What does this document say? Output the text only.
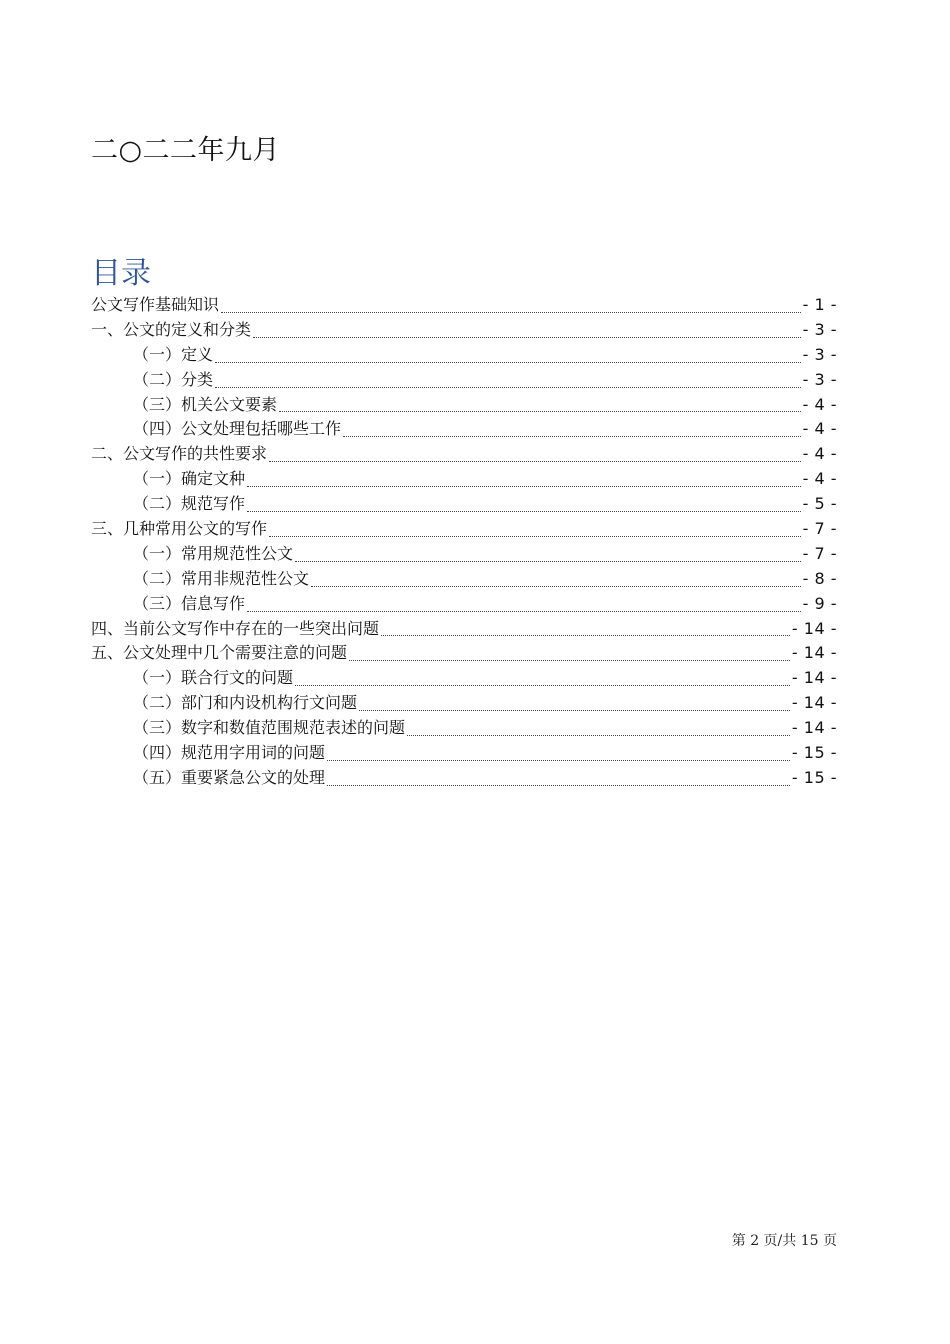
二○二二年九月
目录
公文写作基础知识	- 1 -
一、公文的定义和分类	- 3 -
（一）定义	- 3 -
（二）分类	- 3 -
（三）机关公文要素	- 4 -
（四）公文处理包括哪些工作	- 4 -
二、公文写作的共性要求	- 4 -
（一）确定文种	- 4 -
（二）规范写作	- 5 -
三、几种常用公文的写作	- 7 -
（一）常用规范性公文	- 7 -
（二）常用非规范性公文	- 8 -
（三）信息写作	- 9 -
四、当前公文写作中存在的一些突出问题	- 14 -
五、公文处理中几个需要注意的问题	- 14 -
（一）联合行文的问题	- 14 -
（二）部门和内设机构行文问题	- 14 -
（三）数字和数值范围规范表述的问题	- 14 -
（四）规范用字用词的问题	- 15 -
（五）重要紧急公文的处理	- 15 -
第 2 页/共 15 页
